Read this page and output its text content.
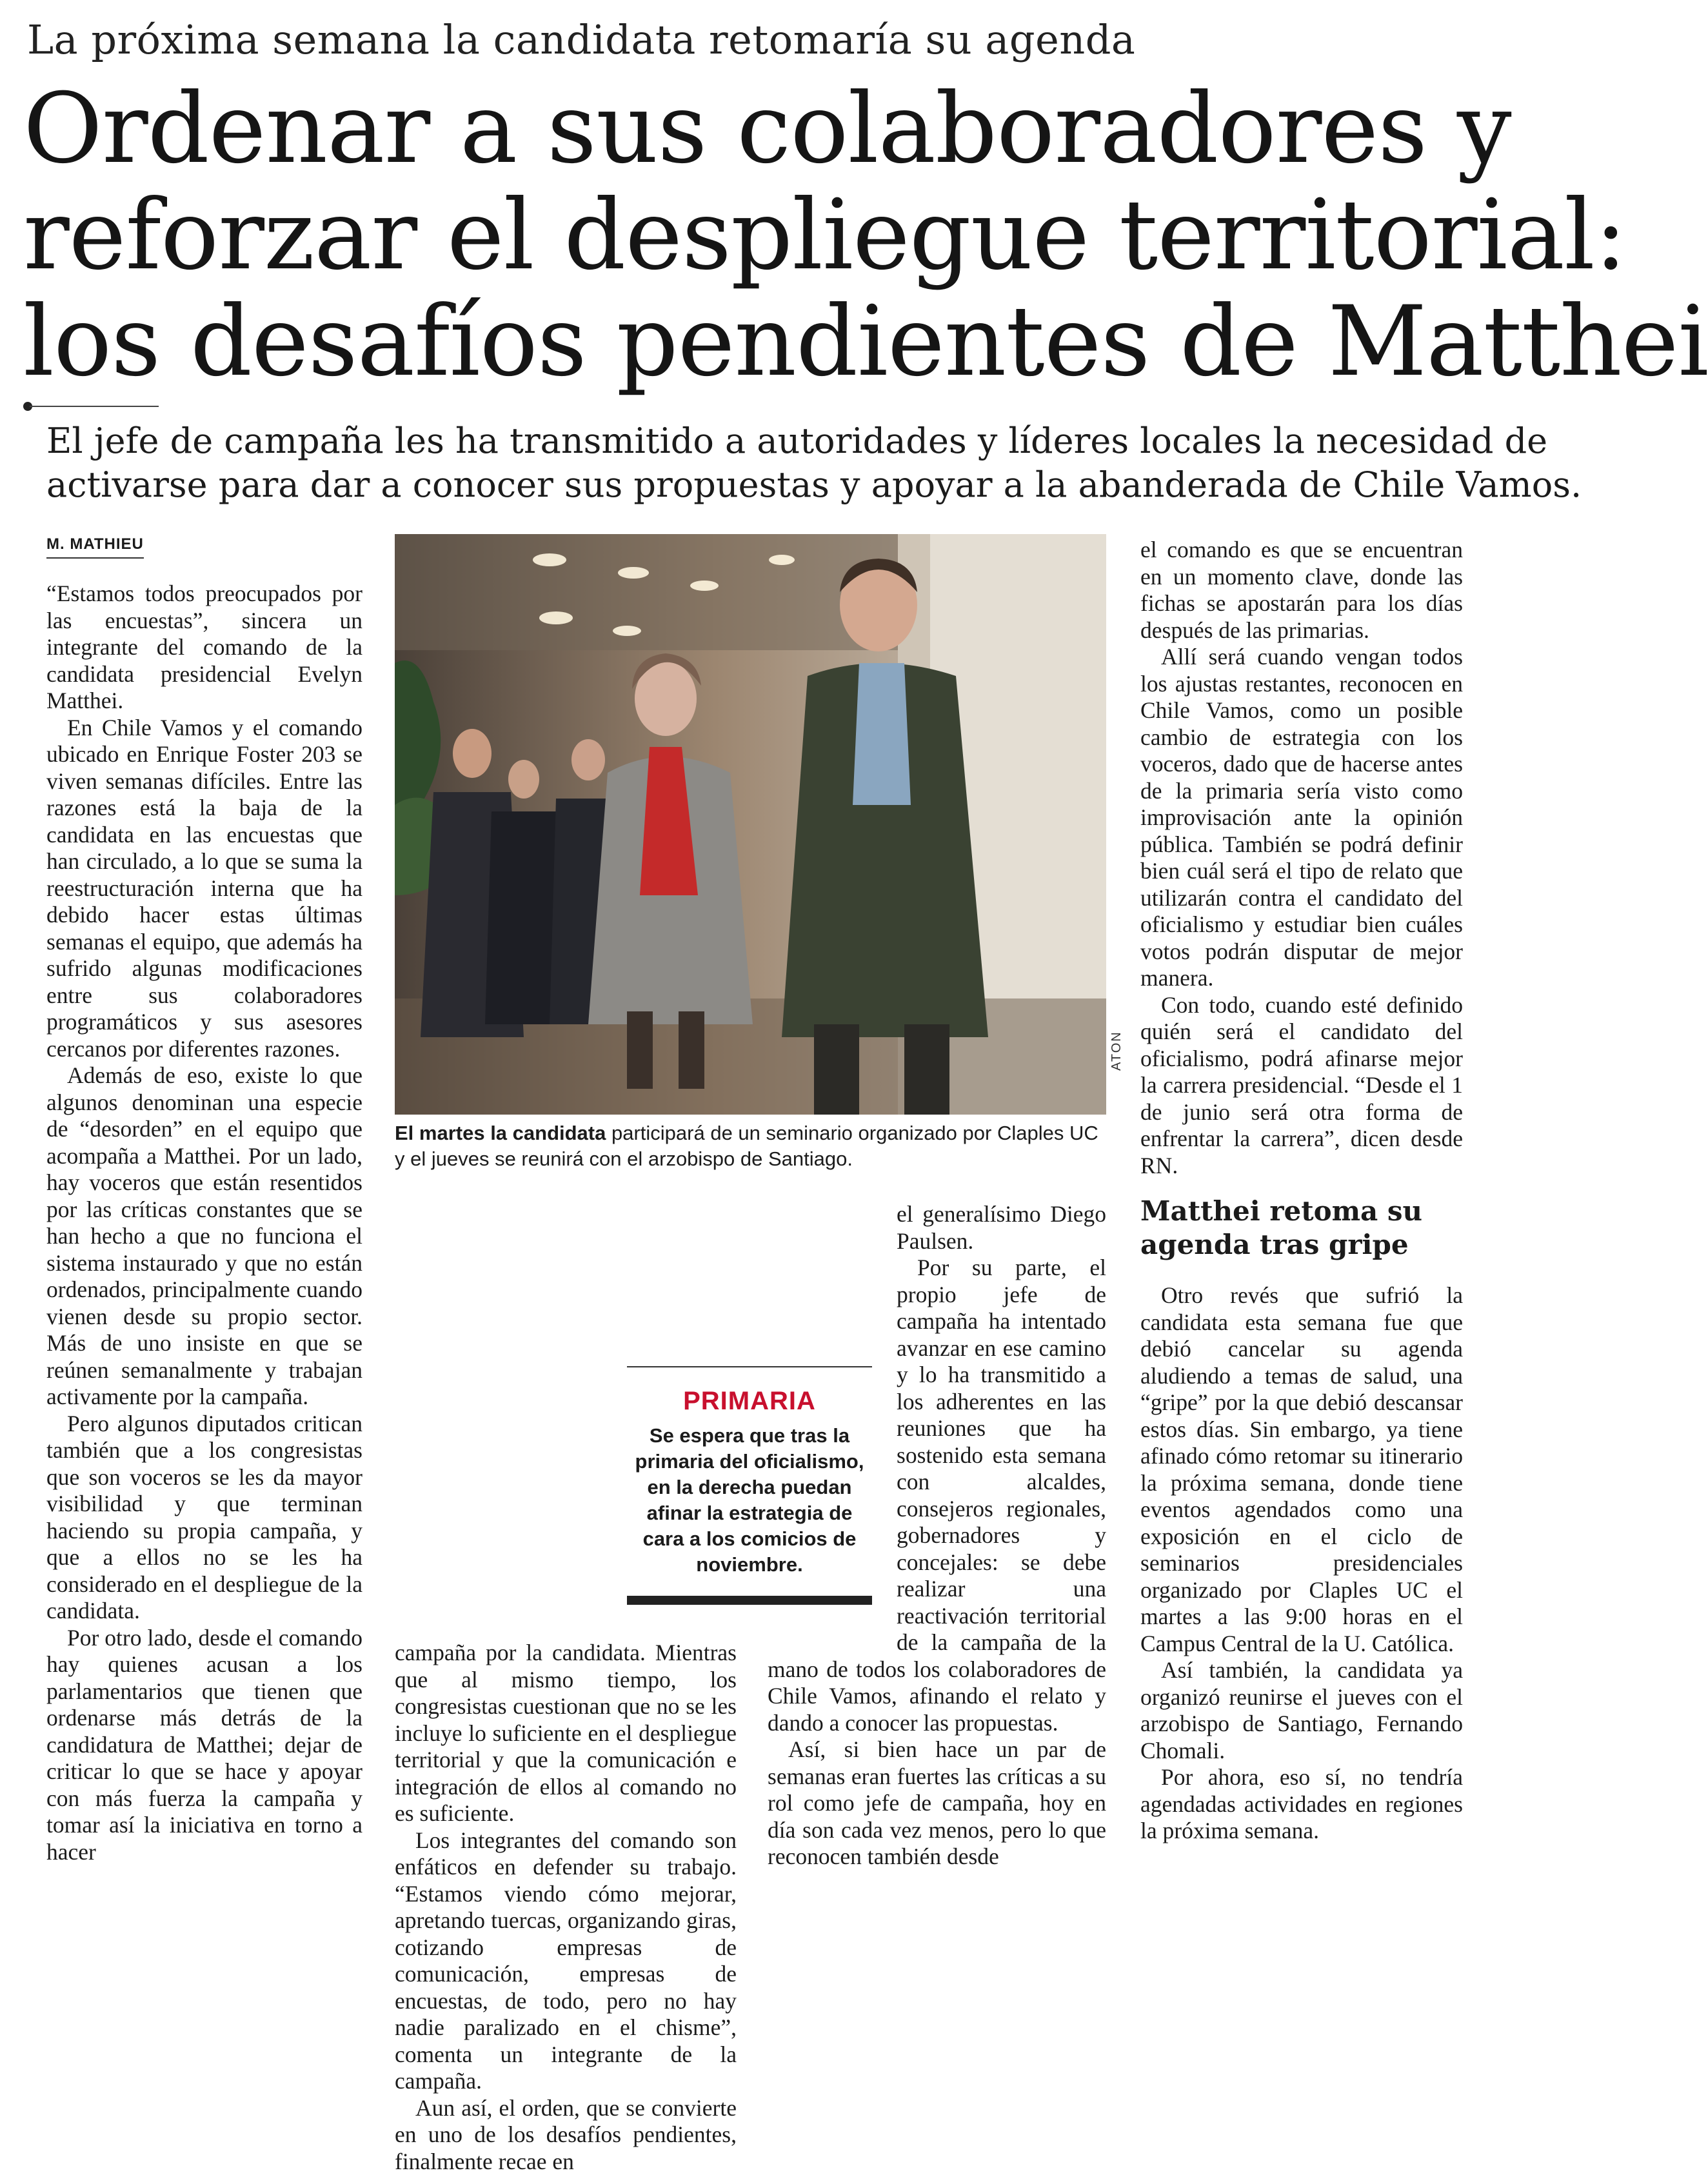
La próxima semana la candidata retomaría su agenda
Ordenar a sus colaboradores y
reforzar el despliegue territorial:
los desafíos pendientes de Matthei
El jefe de campaña les ha transmitido a autoridades y líderes locales la necesidad de
activarse para dar a conocer sus propuestas y apoyar a la abanderada de Chile Vamos.
M. MATHIEU

“Estamos todos preocupados por las encuestas”, sincera un integrante del comando de la candidata presidencial Evelyn Matthei.

En Chile Vamos y el comando ubicado en Enrique Foster 203 se viven semanas difíciles. Entre las razones está la baja de la candidata en las encuestas que han circulado, a lo que se suma la reestructuración interna que ha debido hacer estas últimas semanas el equipo, que además ha sufrido algunas modificaciones entre sus colaboradores programáticos y sus asesores cercanos por diferentes razones.

Además de eso, existe lo que algunos denominan una especie de “desorden” en el equipo que acompaña a Matthei. Por un lado, hay voceros que están resentidos por las críticas constantes que se han hecho a que no funciona el sistema instaurado y que no están ordenados, principalmente cuando vienen desde su propio sector. Más de uno insiste en que se reúnen semanalmente y trabajan activamente por la campaña.

Pero algunos diputados critican también que a los congresistas que son voceros se les da mayor visibilidad y que terminan haciendo su propia campaña, y que a ellos no se les ha considerado en el despliegue de la candidata.

Por otro lado, desde el comando hay quienes acusan a los parlamentarios que tienen que ordenarse más detrás de la candidatura de Matthei; dejar de criticar lo que se hace y apoyar con más fuerza la campaña y tomar así la iniciativa en torno a hacer

ATON
El martes la candidata participará de un seminario organizado por Claples UC y el jueves se reunirá con el arzobispo de Santiago.

campaña por la candidata. Mientras que al mismo tiempo, los congresistas cuestionan que no se les incluye lo suficiente en el despliegue territorial y que la comunicación e integración de ellos al comando no es suficiente.

Los integrantes del comando son enfáticos en defender su trabajo. “Estamos viendo cómo mejorar, apretando tuercas, organizando giras, cotizando empresas de comunicación, empresas de encuestas, de todo, pero no hay nadie paralizado en el chisme”, comenta un integrante de la campaña.

Aun así, el orden, que se convierte en uno de los desafíos pendientes, finalmente recae en

el generalísimo Diego Paulsen.

Por su parte, el propio jefe de campaña ha intentado avanzar en ese camino y lo ha transmitido a los adherentes en las reuniones que ha sostenido esta semana con alcaldes, consejeros regionales, gobernadores y concejales: se debe realizar una reactivación territorial de la campaña de la mano de todos los colaboradores de Chile Vamos, afinando el relato y dando a conocer las propuestas.

Así, si bien hace un par de semanas eran fuertes las críticas a su rol como jefe de campaña, hoy en día son cada vez menos, pero lo que reconocen también desde

PRIMARIA
Se espera que tras la primaria del oficialismo, en la derecha puedan afinar la estrategia de cara a los comicios de noviembre.

el comando es que se encuentran en un momento clave, donde las fichas se apostarán para los días después de las primarias.

Allí será cuando vengan todos los ajustas restantes, reconocen en Chile Vamos, como un posible cambio de estrategia con los voceros, dado que de hacerse antes de la primaria sería visto como improvisación ante la opinión pública. También se podrá definir bien cuál será el tipo de relato que utilizarán contra el candidato del oficialismo y estudiar bien cuáles votos podrán disputar de mejor manera.

Con todo, cuando esté definido quién será el candidato del oficialismo, podrá afinarse mejor la carrera presidencial. “Desde el 1 de junio será otra forma de enfrentar la carrera”, dicen desde RN.

Matthei retoma su agenda tras gripe

Otro revés que sufrió la candidata esta semana fue que debió cancelar su agenda aludiendo a temas de salud, una “gripe” por la que debió descansar estos días. Sin embargo, ya tiene afinado cómo retomar su itinerario la próxima semana, donde tiene eventos agendados como una exposición en el ciclo de seminarios presidenciales organizado por Claples UC el martes a las 9:00 horas en el Campus Central de la U. Católica.

Así también, la candidata ya organizó reunirse el jueves con el arzobispo de Santiago, Fernando Chomali.

Por ahora, eso sí, no tendría agendadas actividades en regiones la próxima semana.
